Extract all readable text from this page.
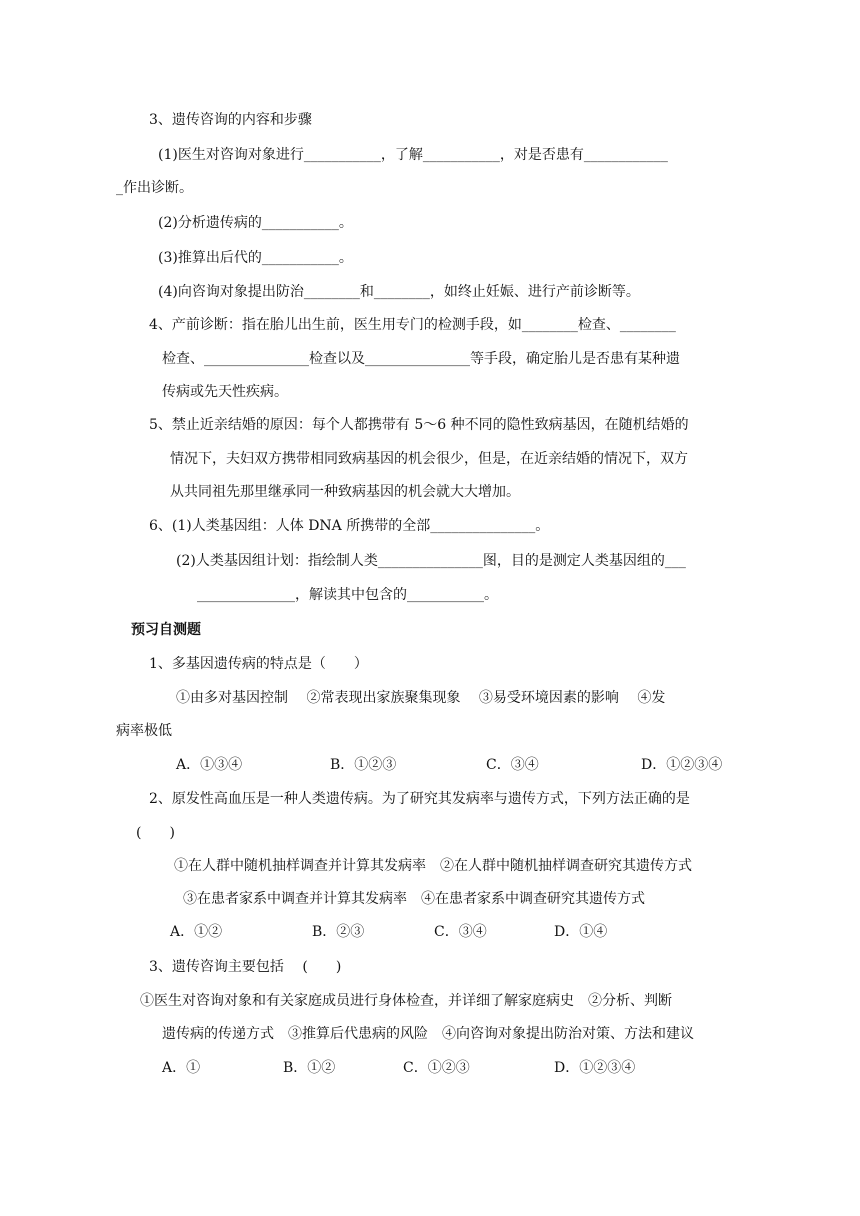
3、遗传咨询的内容和步骤
(1)医生对咨询对象进行___________，了解___________，对是否患有____________
_作出诊断。
(2)分析遗传病的___________。
(3)推算出后代的___________。
(4)向咨询对象提出防治________和________，如终止妊娠、进行产前诊断等。
4、产前诊断：指在胎儿出生前，医生用专门的检测手段，如________检查、________
检查、_______________检查以及_______________等手段，确定胎儿是否患有某种遗
传病或先天性疾病。
5、禁止近亲结婚的原因：每个人都携带有 5～6 种不同的隐性致病基因，在随机结婚的
情况下，夫妇双方携带相同致病基因的机会很少，但是，在近亲结婚的情况下，双方
从共同祖先那里继承同一种致病基因的机会就大大增加。
6、(1)人类基因组：人体 DNA 所携带的全部_______________。
(2)人类基因组计划：指绘制人类_______________图，目的是测定人类基因组的___
______________，解读其中包含的___________。
预习自测题
1、多基因遗传病的特点是（　　）
①由多对基因控制　 ②常表现出家族聚集现象　 ③易受环境因素的影响　 ④发
病率极低
A．①③④	B．①②③	C．③④	D．①②③④
2、原发性高血压是一种人类遗传病。为了研究其发病率与遗传方式，下列方法正确的是
(　　)
①在人群中随机抽样调查并计算其发病率　②在人群中随机抽样调查研究其遗传方式
③在患者家系中调查并计算其发病率　④在患者家系中调查研究其遗传方式
A．①②	B．②③	C．③④	D．①④
3、遗传咨询主要包括　 (　　)
①医生对咨询对象和有关家庭成员进行身体检查，并详细了解家庭病史　②分析、判断
遗传病的传递方式　③推算后代患病的风险　④向咨询对象提出防治对策、方法和建议
A．①	B．①②	C．①②③	D．①②③④
